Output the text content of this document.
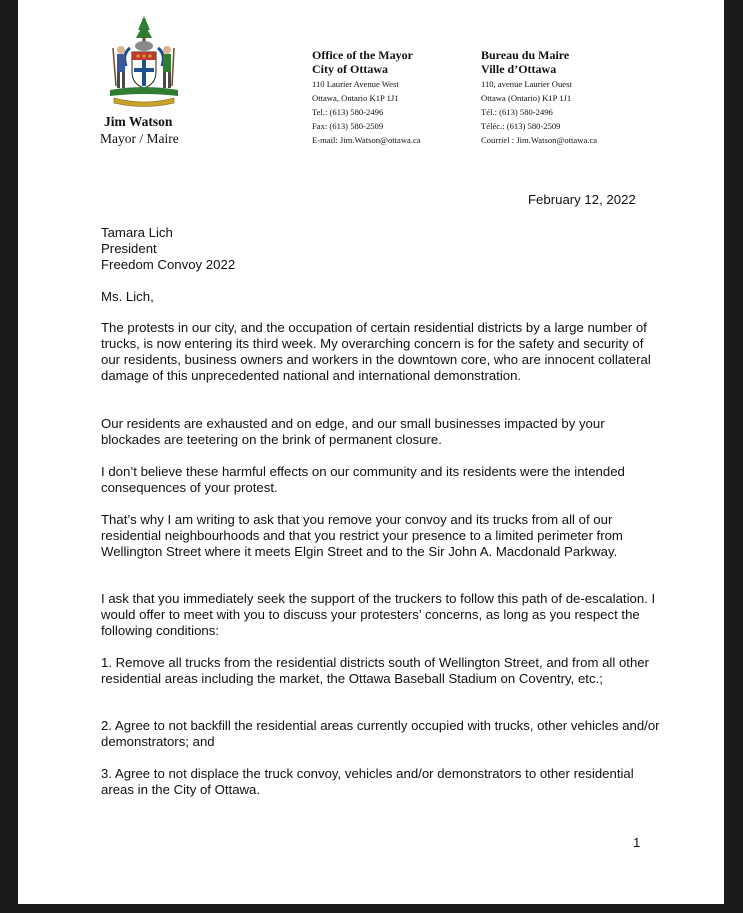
Jim Watson
Mayor / Maire
Office of the Mayor
City of Ottawa
110 Laurier Avenue West
Ottawa, Ontario K1P 1J1
Tel.: (613) 580-2496
Fax: (613) 580-2509
E-mail: Jim.Watson@ottawa.ca
Bureau du Maire
Ville d’Ottawa
110, avenue Laurier Ouest
Ottawa (Ontario) K1P 1J1
Tél.: (613) 580-2496
Téléc.: (613) 580-2509
Courriel : Jim.Watson@ottawa.ca
February 12, 2022

Tamara Lich

President

Freedom Convoy 2022

Ms. Lich,

The protests in our city, and the occupation of certain residential districts by a large number of trucks, is now entering its third week. My overarching concern is for the safety and security of our residents, business owners and workers in the downtown core, who are innocent collateral damage of this unprecedented national and international demonstration.

Our residents are exhausted and on edge, and our small businesses impacted by your blockades are teetering on the brink of permanent closure.

I don’t believe these harmful effects on our community and its residents were the intended consequences of your protest.

That’s why I am writing to ask that you remove your convoy and its trucks from all of our residential neighbourhoods and that you restrict your presence to a limited perimeter from Wellington Street where it meets Elgin Street and to the Sir John A. Macdonald Parkway.

I ask that you immediately seek the support of the truckers to follow this path of de-escalation. I would offer to meet with you to discuss your protesters’ concerns, as long as you respect the following conditions:

1. Remove all trucks from the residential districts south of Wellington Street, and from all other residential areas including the market, the Ottawa Baseball Stadium on Coventry, etc.;

2. Agree to not backfill the residential areas currently occupied with trucks, other vehicles and/or demonstrators; and

3. Agree to not displace the truck convoy, vehicles and/or demonstrators to other residential areas in the City of Ottawa.

1
